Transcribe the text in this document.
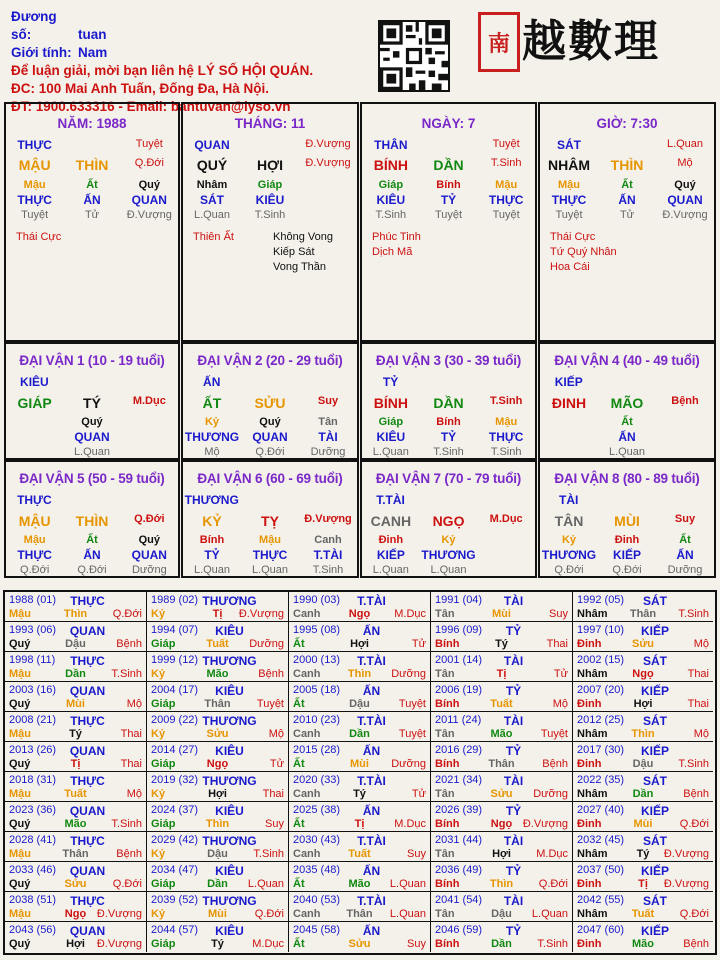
Đương số:	tuan
Giới tính: Nam
Để luận giải, mời bạn liên hệ LÝ SỐ HỘI QUÁN.
ĐC: 100 Mai Anh Tuấn, Đống Đa, Hà Nội.
ĐT: 1900.633316 - Email: bantuvan@lyso.vn
南 越數理
NĂM: 1988
THỰC	Tuyệt
MẬU	THÌN	Q.Đới
Mậu	Ất	Quý
THỰC	ẤN	QUAN
Tuyệt	Tử	Đ.Vượng
Thái Cực
THÁNG: 11
QUAN	Đ.Vượng
QUÝ	HỢI	Đ.Vượng
Nhâm	Giáp
SÁT	KIÊU
L.Quan	T.Sinh
Thiên Ất	Không Vong
Kiếp Sát
Vong Thần
NGÀY: 7
THÂN	Tuyệt
BÍNH	DẦN	T.Sinh
Giáp	Bính	Mậu
KIÊU	TỶ	THỰC
T.Sinh	Tuyệt	Tuyệt
Phúc Tinh
Dịch Mã
GIỜ: 7:30
SÁT	L.Quan
NHÂM	THÌN	Mộ
Mậu	Ất	Quý
THỰC	ẤN	QUAN
Tuyệt	Tử	Đ.Vượng
Thái Cực
Tứ Quý Nhân
Hoa Cái
ĐẠI VẬN 1 (10 - 19 tuổi)
KIÊU
GIÁP	TÝ	M.Dục
Quý
QUAN
L.Quan
ĐẠI VẬN 2 (20 - 29 tuổi)
ẤN
ẤT	SỬU	Suy
Kỷ	Quý	Tân
THƯƠNG	QUAN	TÀI
Mộ	Q.Đới	Dưỡng
ĐẠI VẬN 3 (30 - 39 tuổi)
TỶ
BÍNH	DẦN	T.Sinh
Giáp	Bính	Mậu
KIÊU	TỶ	THỰC
L.Quan	T.Sinh	T.Sinh
ĐẠI VẬN 4 (40 - 49 tuổi)
KIẾP
ĐINH	MÃO	Bệnh
Ất
ẤN
L.Quan
ĐẠI VẬN 5 (50 - 59 tuổi)
THỰC
MẬU	THÌN	Q.Đới
Mậu	Ất	Quý
THỰC	ẤN	QUAN
Q.Đới	Q.Đới	Dưỡng
ĐẠI VẬN 6 (60 - 69 tuổi)
THƯƠNG
KỶ	TỴ	Đ.Vượng
Bính	Mậu	Canh
TỶ	THỰC	T.TÀI
L.Quan	L.Quan	T.Sinh
ĐẠI VẬN 7 (70 - 79 tuổi)
T.TÀI
CANH	NGỌ	M.Dục
Đinh	Kỷ
KIẾP	THƯƠNG
L.Quan	L.Quan
ĐẠI VẬN 8 (80 - 89 tuổi)
TÀI
TÂN	MÙI	Suy
Kỷ	Đinh	Ất
THƯƠNG	KIẾP	ẤN
Q.Đới	Q.Đới	Dưỡng
1988 (01)	THỰC
Mậu	Thìn	Q.Đới
1989 (02) THƯƠNG
Kỷ	Tị	Đ.Vượng
1990 (03)	T.TÀI
Canh	Ngọ	M.Dục
1991 (04)	TÀI
Tân	Mùi	Suy
1992 (05)	SÁT
Nhâm	Thân	T.Sinh
1993 (06)	QUAN
Quý	Dậu	Bệnh
1994 (07)	KIÊU
Giáp	Tuất	Dưỡng
1995 (08)	ẤN
Ất	Hợi	Tử
1996 (09)	TỶ
Bính	Tý	Thai
1997 (10)	KIẾP
Đinh	Sửu	Mộ
1998 (11)	THỰC
Mậu	Dần	T.Sinh
1999 (12) THƯƠNG
Kỷ	Mão	Bệnh
2000 (13)	T.TÀI
Canh	Thìn	Dưỡng
2001 (14)	TÀI
Tân	Tị	Tử
2002 (15)	SÁT
Nhâm	Ngọ	Thai
2003 (16)	QUAN
Quý	Mùi	Mộ
2004 (17)	KIÊU
Giáp	Thân	Tuyệt
2005 (18)	ẤN
Ất	Dậu	Tuyệt
2006 (19)	TỶ
Bính	Tuất	Mộ
2007 (20)	KIẾP
Đinh	Hợi	Thai
2008 (21)	THỰC
Mậu	Tý	Thai
2009 (22) THƯƠNG
Kỷ	Sửu	Mộ
2010 (23)	T.TÀI
Canh	Dần	Tuyệt
2011 (24)	TÀI
Tân	Mão	Tuyệt
2012 (25)	SÁT
Nhâm	Thìn	Mộ
2013 (26)	QUAN
Quý	Tị	Thai
2014 (27)	KIÊU
Giáp	Ngọ	Tử
2015 (28)	ẤN
Ất	Mùi	Dưỡng
2016 (29)	TỶ
Bính	Thân	Bệnh
2017 (30)	KIẾP
Đinh	Dậu	T.Sinh
2018 (31)	THỰC
Mậu	Tuất	Mộ
2019 (32) THƯƠNG
Kỷ	Hợi	Thai
2020 (33)	T.TÀI
Canh	Tý	Tử
2021 (34)	TÀI
Tân	Sửu	Dưỡng
2022 (35)	SÁT
Nhâm	Dần	Bệnh
2023 (36)	QUAN
Quý	Mão	T.Sinh
2024 (37)	KIÊU
Giáp	Thìn	Suy
2025 (38)	ẤN
Ất	Tị	M.Dục
2026 (39)	TỶ
Bính	Ngọ Đ.Vượng
2027 (40)	KIẾP
Đinh	Mùi	Q.Đới
2028 (41)	THỰC
Mậu	Thân	Bệnh
2029 (42) THƯƠNG
Kỷ	Dậu	T.Sinh
2030 (43)	T.TÀI
Canh	Tuất	Suy
2031 (44)	TÀI
Tân	Hợi	M.Dục
2032 (45)	SÁT
Nhâm	Tý	Đ.Vượng
2033 (46)	QUAN
Quý	Sửu	Q.Đới
2034 (47)	KIÊU
Giáp	Dần	L.Quan
2035 (48)	ẤN
Ất	Mão	L.Quan
2036 (49)	TỶ
Bính	Thìn	Q.Đới
2037 (50)	KIẾP
Đinh	Tị	Đ.Vượng
2038 (51)	THỰC
Mậu	Ngọ Đ.Vượng
2039 (52) THƯƠNG
Kỷ	Mùi	Q.Đới
2040 (53)	T.TÀI
Canh	Thân	L.Quan
2041 (54)	TÀI
Tân	Dậu	L.Quan
2042 (55)	SÁT
Nhâm	Tuất	Q.Đới
2043 (56)	QUAN
Quý	Hợi	Đ.Vượng
2044 (57)	KIÊU
Giáp	Tý	M.Dục
2045 (58)	ẤN
Ất	Sửu	Suy
2046 (59)	TỶ
Bính	Dần	T.Sinh
2047 (60)	KIẾP
Đinh	Mão	Bệnh
